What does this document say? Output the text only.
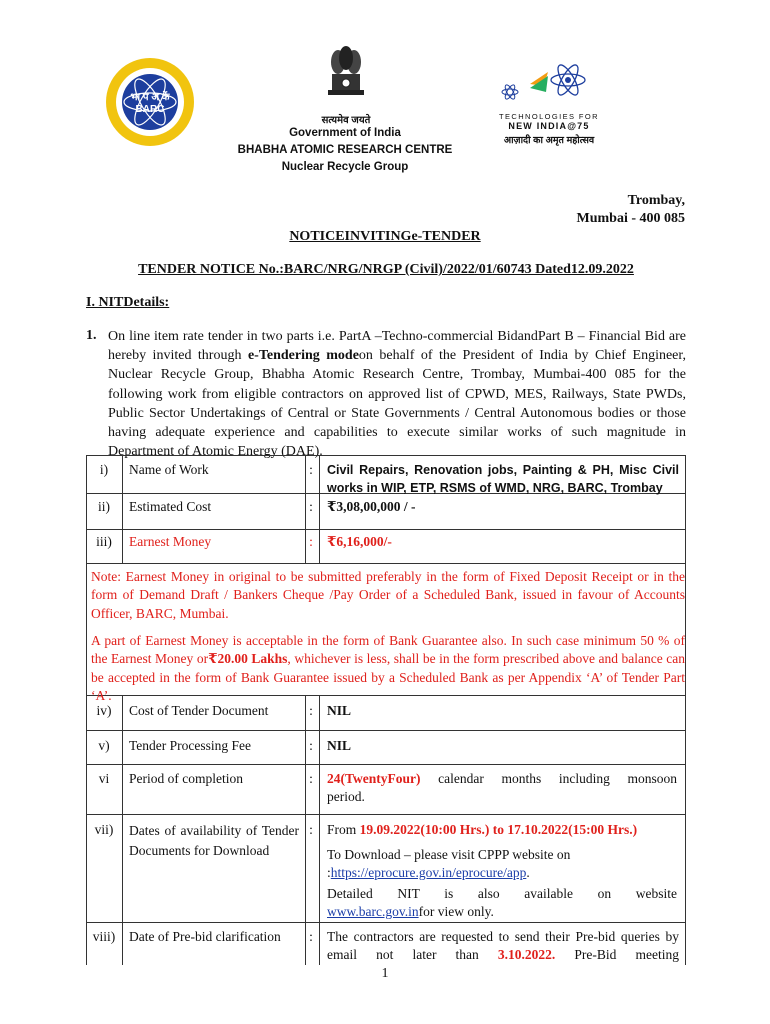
भा प अ कें
BARC
सत्यमेव जयते
Government of India
BHABHA ATOMIC RESEARCH CENTRE
Nuclear Recycle Group
TECHNOLOGIES FOR
NEW INDIA@75
आज़ादी का अमृत महोत्सव
Trombay,
Mumbai - 400 085
NOTICEINVITINGe-TENDER
TENDER NOTICE No.:BARC/NRG/NRGP (Civil)/2022/01/60743 Dated12.09.2022
I. NITDetails:
1. On line item rate tender in two parts i.e. PartA –Techno-commercial BidandPart B – Financial Bid are hereby invited through e-Tendering modeon behalf of the President of India by Chief Engineer, Nuclear Recycle Group, Bhabha Atomic Research Centre, Trombay, Mumbai-400 085 for the following work from eligible contractors on approved list of CPWD, MES, Railways, State PWDs, Public Sector Undertakings of Central or State Governments / Central Autonomous bodies or those having adequate experience and capabilities to execute similar works of such magnitude in Department of Atomic Energy (DAE).
i)	Name of Work	: Civil Repairs, Renovation jobs, Painting & PH, Misc Civil works in WIP, ETP, RSMS of WMD, NRG, BARC, Trombay
ii)	Estimated Cost	: ₹3,08,00,000 / -
iii)	Earnest Money	: ₹6,16,000/-
Note: Earnest Money in original to be submitted preferably in the form of Fixed Deposit Receipt or in the form of Demand Draft / Bankers Cheque /Pay Order of a Scheduled Bank, issued in favour of Accounts Officer, BARC, Mumbai.
A part of Earnest Money is acceptable in the form of Bank Guarantee also. In such case minimum 50 % of the Earnest Money or₹20.00 Lakhs, whichever is less, shall be in the form prescribed above and balance can be accepted in the form of Bank Guarantee issued by a Scheduled Bank as per Appendix ‘A’ of Tender Part ‘A’.
iv)	Cost of Tender Document	: NIL
v)	Tender Processing Fee	: NIL
vi	Period of completion	: 24(TwentyFour) calendar months including monsoon period.
vii)	Dates of availability of Tender Documents for Download
: From 19.09.2022(10:00 Hrs.) to 17.10.2022(15:00 Hrs.)
To Download – please visit CPPP website on :https://eprocure.gov.in/eprocure/app.
Detailed NIT is also available on website
www.barc.gov.infor view only.
viii)	Date of Pre-bid clarification	: The contractors are requested to send their Pre-bid queries by email not later than 3.10.2022. Pre-Bid meeting
1
